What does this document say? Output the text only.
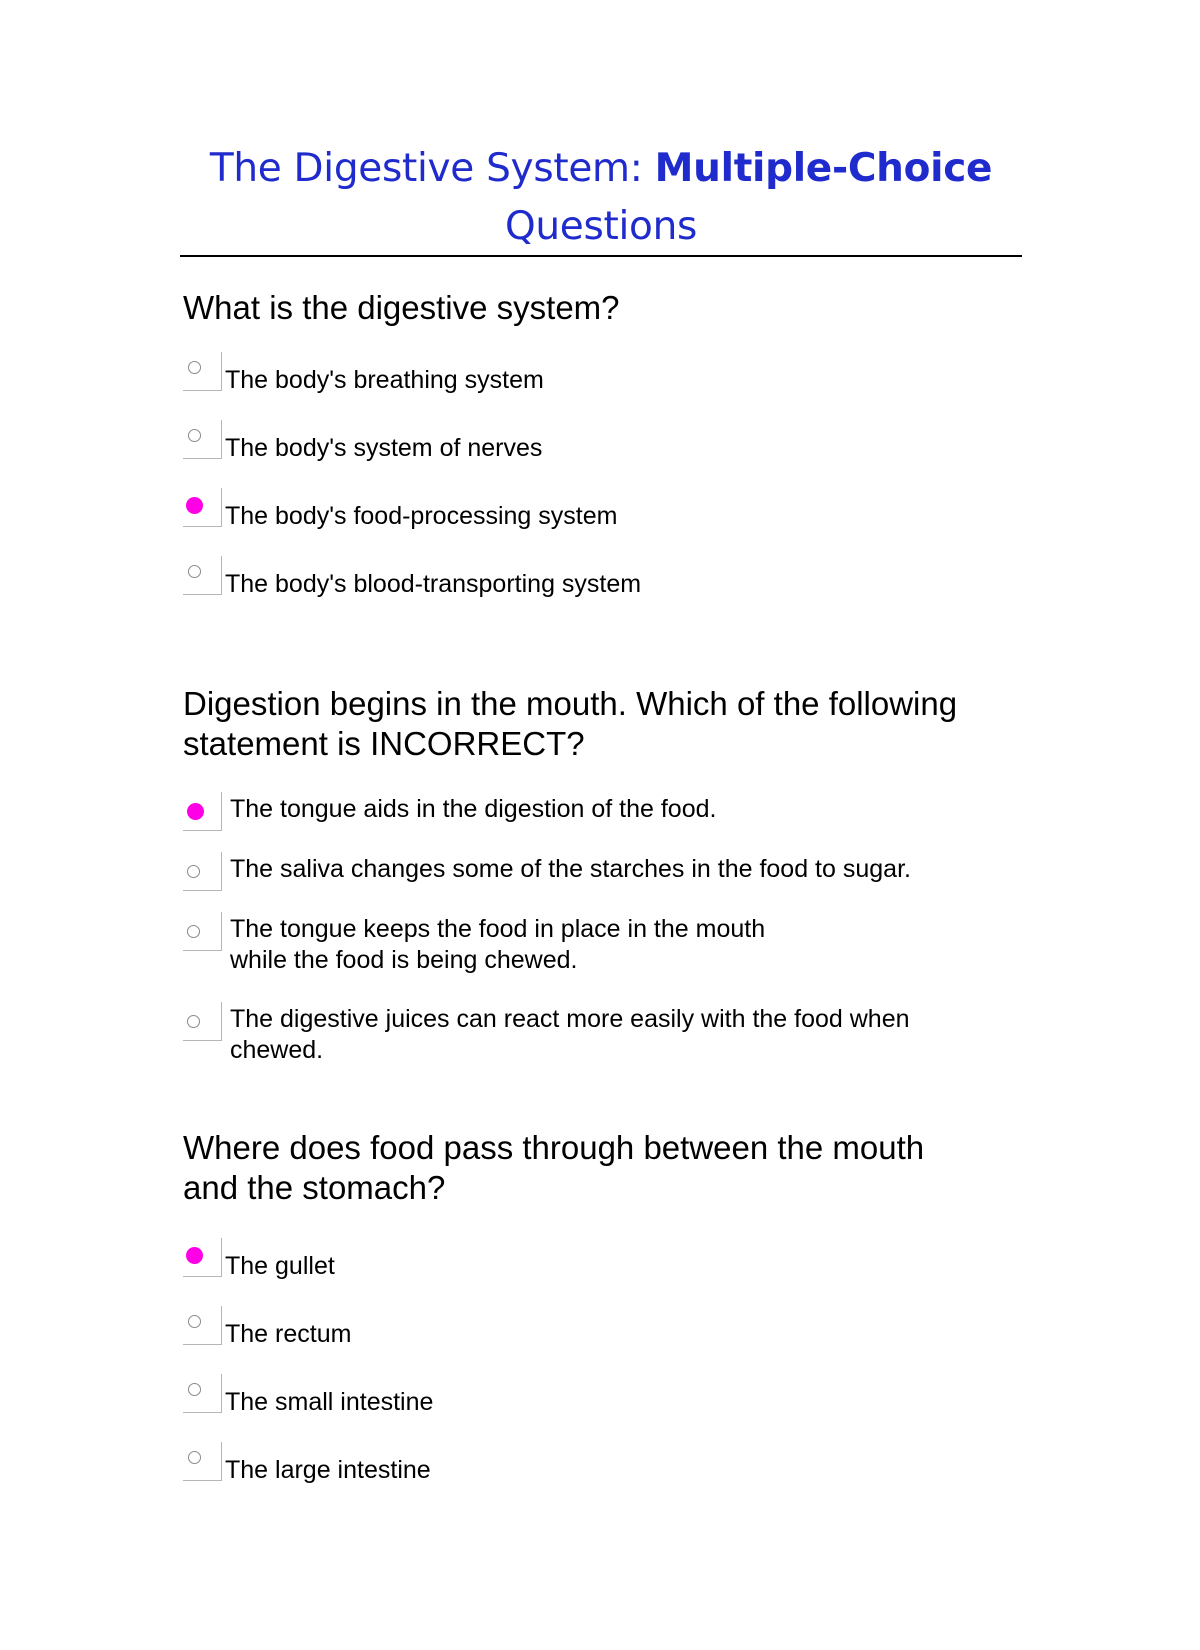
The Digestive System: Multiple-Choice
Questions
What is the digestive system?
The body's breathing system
The body's system of nerves
The body's food-processing system
The body's blood-transporting system
Digestion begins in the mouth. Which of the following
statement is INCORRECT?
The tongue aids in the digestion of the food.
The saliva changes some of the starches in the food to sugar.
The tongue keeps the food in place in the mouth
while the food is being chewed.
The digestive juices can react more easily with the food when
chewed.
Where does food pass through between the mouth
and the stomach?
The gullet
The rectum
The small intestine
The large intestine
